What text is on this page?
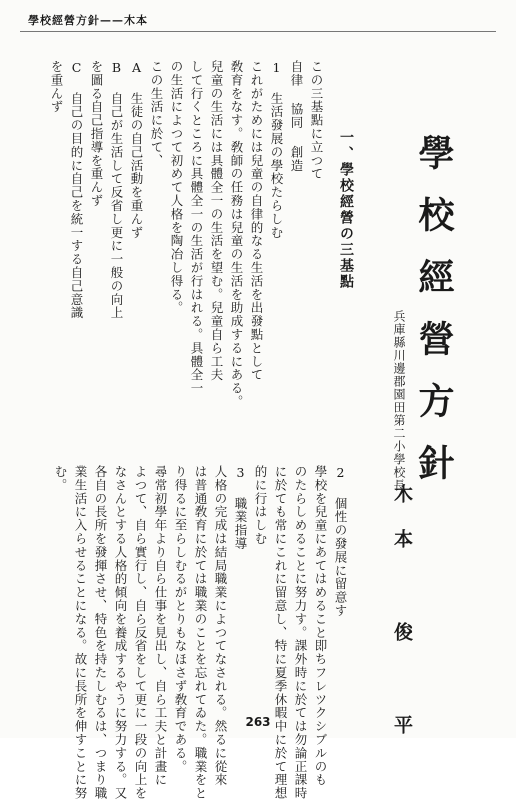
學校經營方針——木本
學校經營方針
兵庫縣川邊郡園田第二小學校長
木本 俊 平
一、學校經營の三基點
2 個性の發展に留意す
學校を兒童にあてはめること即ちフレツクシブルのも
のたらしめることに努力す。課外時に於ては勿論正課時
に於ても常にこれに留意し、特に夏季休暇中に於て理想
的に行はしむ
3 職業指導
人格の完成は結局職業によつてなされる。然るに從來
は普通敎育に於ては職業のことを忘れてゐた。職業をと
り得るに至らしむるがとりもなほさず敎育である。
尋常初學年より自ら仕事を見出し、自ら工夫と計畫に
よつて、自ら實行し、自ら反省をして更に一段の向上を
なさんとする人格的傾向を養成するやうに努力する。又
各自の長所を發揮させ、特色を持たしむるは、つまり職
業生活に入らせることになる。故に長所を伸すことに努
む。
この三基點に立つて
自律 協同 創造
1 生活發展の學校たらしむ
これがためには兒童の自律的なる生活を出發點として
敎育をなす。敎師の任務は兒童の生活を助成するにある。
兒童の生活には具體全一の生活を望む。兒童自ら工夫
して行くところに具體全一の生活が行はれる。具體全一
の生活によつて初めて人格を陶冶し得る。
この生活に於て、
A 生徒の自己活動を重んず
B 自己が生活して反省し更に一般の向上
を圖る自己指導を重んず
C 自己の目的に自己を統一する自己意識
を重んず
263
